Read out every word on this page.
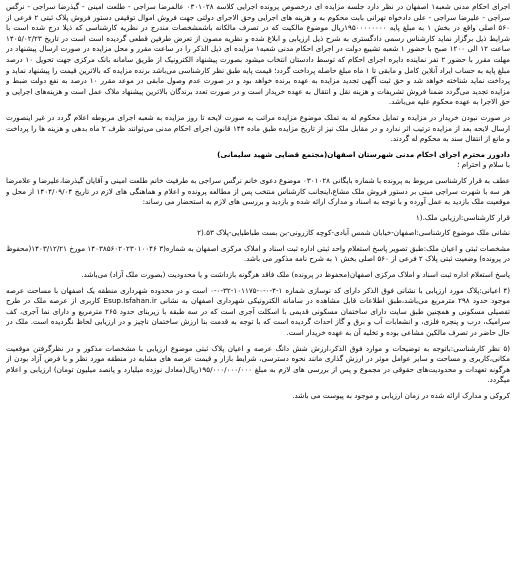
اجرای احکام مدنی شعبه۱ اصفهان در نظر دارد جلسه مزایده ای درخصوص پرونده اجرایی کلاسه ۰۳۰۱۰۲۸ عالمرضا سراجی - طلعت امینی - گیذرضا سراجی - نرگس سراجی - علیرضا سراجی - علی دادخواه تهرانی بابت محکوم به و هزینه های اجرایی وحق الاجرای دولتی جهت فروش اموال توقیفی دستور فروش پلاک ثبتی ۲ فرعی از ۵۶۰ اصلی واقع در بخش ۱ به مبلغ پایه ۱۹۵۰۰۰۰۰۰۰۰ریال موضوع مالکیت که در تصرف مالکانه باشمشخصات مندرج در نظریه کارشناسی که ذیلا درج شده است با شرایط ذیل برگزار نماید کارشناس رسمی دادگستری به شرح ذیل ارزیابی و ابلاغ شده و نظریه مصون از تعرض طرفین قطعی گردیده است است در تاریخ ۱۴۰۵/۰۲/۲۳ ساعت ۱۲ الی ۱۲۰۰ صبح با حضور ۱ شعبه تشییع دولت در اجرای احکام مدنی شعبه۱ مزایده ای ذیل الذکر را در ساعت مقرر و محل مزایده در صورت ارسال پیشنهاد در مهلت مقرر با حضور ۲ نفر نماینده دایره اجرای احکام که توسط دادستان انتخاب میشود بصورت پیشنهاد الکترونیک از طریق سامانه بانک مرکزی جهت تحویل ۱۰ درصد مبلغ پایه به حساب ایراد آنلاین کامل و مابقی تا ۱ ماه مبلغ حاصله پرداخت گردد؛ قیمت پایه طبق نظر کارشناسی می‌باشد برنده مزایده که بالاترین قیمت را پیشنهاد نماید و پرداخت نماید شناخته خواهد شد و حق ثبت آگهی تجدید مزایده به عهده برنده خواهد بود و در صورت عدم وصول مابقی در موعد مقرر ۱۰ درصد به نفع دولت ضبط و مزایده تجدید می‌گردد ضمنا فروش تشریفات و هزینه نقل و انتقال به عهده خریدار است و در صورت تعدد برندگان بالاترین پیشنهاد ملاک عمل است و هزینه‌های اجرایی و حق الاجرا به عهده محکوم علیه می‌باشد.

در صورت نبودن خریدار در مزایده و تمایل محکوم له به تملک موضوع مزایده مراتب به صورت لایحه تا روز مزایده به شعبه اجرای مربوطه اعلام گردد در غیر اینصورت ارسال لایحه بعد از مزایده ترتیب اثر ندارد و در مقابل ملک نیز از تاریخ مزایده طبق ماده ۱۴۴ قانون اجرای احکام مدنی می‌توانند ظرف ۲ ماه بدهی و هزینه ها را پرداخت و مانع از انتقال سند به محکوم له گردند.

دادورز محترم اجرای احکام مدنی شهرستان اصفهان(مجتمع قضایی شهید سلیمانی)

با سلام و احترام ؛

عطف به قرار کارشناسی مربوط به پرونده با شماره بایگانی ۰۳۰۱۰۲۸ موضوع دعوی خانم نرگس سراجی به طرفیت خانم طلعت امینی و آقایان گیذرضا،علیرضا و علامرضا هر سه با شهرت سراجی مبنی بر دستور فروش ملک مشاع،اینجانب کارشناس منتخب پس از مطالعه پرونده و اعلام و هماهنگی های لازم در تاریخ ۱۴۰۴/۰۹/۰۴ از محل و موقعیت ملک بازدید به عمل آورده و با توجه به اسناد و مدارک ارائه شده و بازدید و بررسی های لازم به استحضار می رساند:

قرار کارشناسی:ارزیابی ملک.(۱

نشانی ملک موضوع کارشناسی:اصفهان-خیابان شمس آبادی-کوچه کازرونی-بن بست طباطبایی-پلاک ۵۳.(۲

مشخصات ثبتی و اعیان ملک:طبق تصویر پاسخ استعلام واحد ثبتی اداره ثبت اسناد و املاک مرکزی اصفهان به شماره(۳ ۱۴۰۳۸۵۶۰۲۰۲۳۰۱۰۰۴۶ مورخ ۱۴۰۳/۱۲/۲۱(محفوظ در پرونده) وضعیت ثبتی پلاک ۲ فرعی از ۵۶۰ اصلی بخش ۱ به شرح نامه مذکور می باشد.

پاسخ استعلام اداره ثبت اسناد و املاک مرکزی اصفهان(محفوظ در پرونده) ملک فاقد هرگونه بازداشت و یا محدودیت (بصورت ملک آزاد) می‌باشد.

(۴ اعیانی:پلاک مورد ارزیابی با نشانی فوق الذکر دارای کد نوسازی شماره ۱-۴-۰-۰-۱۰۱۱۷۵-۳۲-۰-۰ است و در محدوده شهرداری منطقه یک اصفهان با مساحت عرصه موجود حدود ۲۹۸ مترمربع می‌باشد،طبق اطلاعات قابل مشاهده در سامانه الکترونیکی شهرداری اصفهان به نشانی Esup.Isfahan.ir کاربری از عرصه ملک در طرح تفصیلی مسکونی و همچنین طبق سایت دارای ساختمان مسکونی قدیمی با اسکلت آجری است که در سه طبقه با زیربنای حدود ۲۶۵ مترمربع و دارای نما آجری، کف سرامیک، درب و پنجره فلزی، و انشعابات آب و برق و گاز احداث گردیده است که با توجه به قدمت بنا ارزش ساختمان ناچیز و در ارزیابی لحاظ نگردیده است. ملک در حال حاضر در تصرف مالکین مشاعی بوده و تخلیه آن به عهده خریدار است.

(۵ نظر کارشناسی:باتوجه به توضیحات و موارد فوق الذکر،ارزش شش دانگ عرصه و اعیان پلاک ثبتی موضوع ارزیابی با مشخصات مذکور و در نظرگرفتن موقعیت مکانی،کاربری و مساحت و سایر عوامل موثر در ارزش گذاری مانند نحوه دسترسی، شرایط بازار و قیمت عرصه های مشابه در منطقه مورد نظر و با فرض آزاد بودن از هرگونه تعهدات و محدودیت‌های حقوقی در مجموع و پس از بررسی های لازم به مبلغ ۱۹۵/۰۰۰/۰۰۰/۰۰۰ریال(معادل نوزده میلیارد و پانصد میلیون تومان) ارزیابی و اعلام میگردد.

کروکی و مدارک ارائه شده در زمان ارزیابی و موجود به پیوست می باشد.
